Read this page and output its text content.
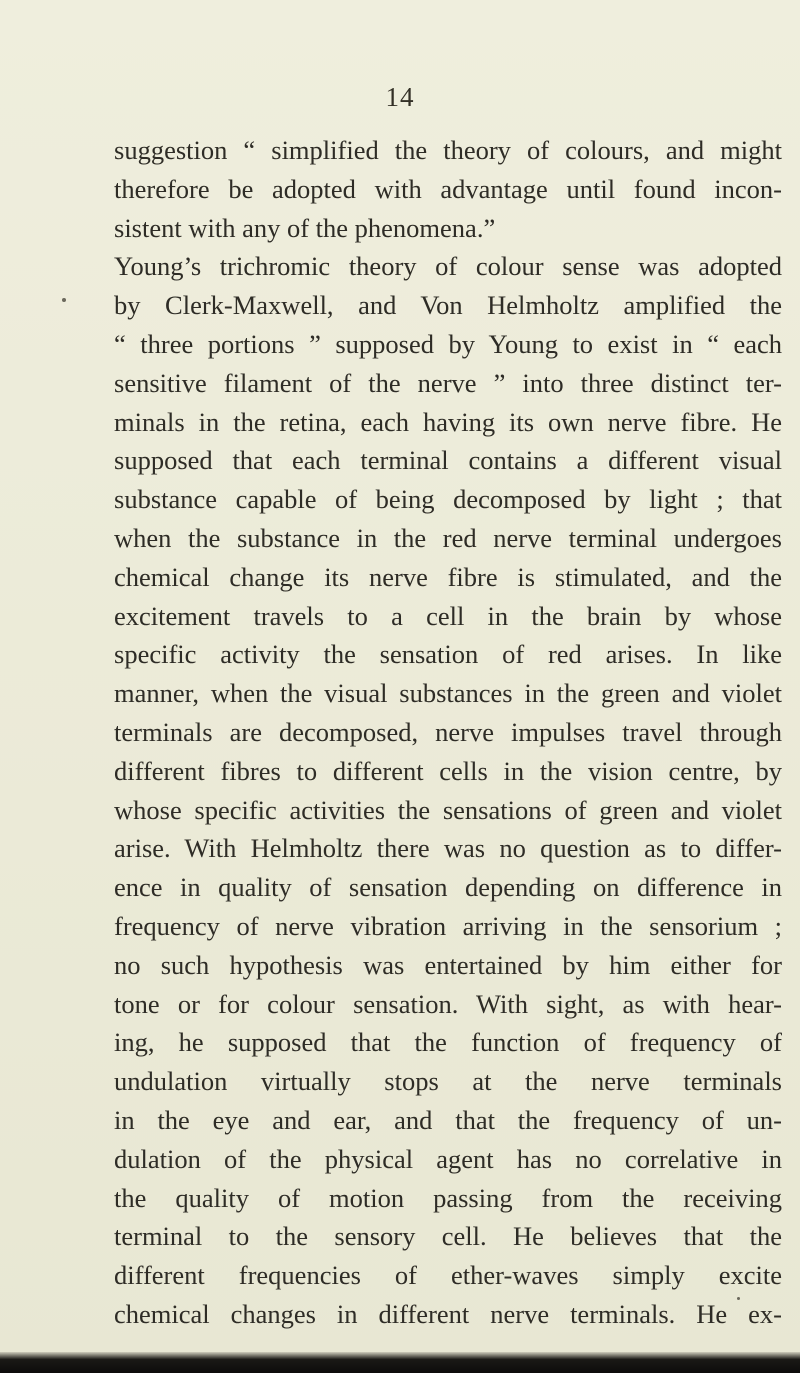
14
suggestion “ simplified the theory of colours, and might
therefore be adopted with advantage until found incon-
sistent with any of the phenomena.”
Young’s trichromic theory of colour sense was adopted
by Clerk-Maxwell, and Von Helmholtz amplified the
“ three portions ” supposed by Young to exist in “ each
sensitive filament of the nerve ” into three distinct ter-
minals in the retina, each having its own nerve fibre. He
supposed that each terminal contains a different visual
substance capable of being decomposed by light ; that
when the substance in the red nerve terminal undergoes
chemical change its nerve fibre is stimulated, and the
excitement travels to a cell in the brain by whose
specific activity the sensation of red arises. In like
manner, when the visual substances in the green and violet
terminals are decomposed, nerve impulses travel through
different fibres to different cells in the vision centre, by
whose specific activities the sensations of green and violet
arise. With Helmholtz there was no question as to differ-
ence in quality of sensation depending on difference in
frequency of nerve vibration arriving in the sensorium ;
no such hypothesis was entertained by him either for
tone or for colour sensation. With sight, as with hear-
ing, he supposed that the function of frequency of
undulation virtually stops at the nerve terminals
in the eye and ear, and that the frequency of un-
dulation of the physical agent has no correlative in
the quality of motion passing from the receiving
terminal to the sensory cell. He believes that the
different frequencies of ether-waves simply excite
chemical changes in different nerve terminals. He ex-
